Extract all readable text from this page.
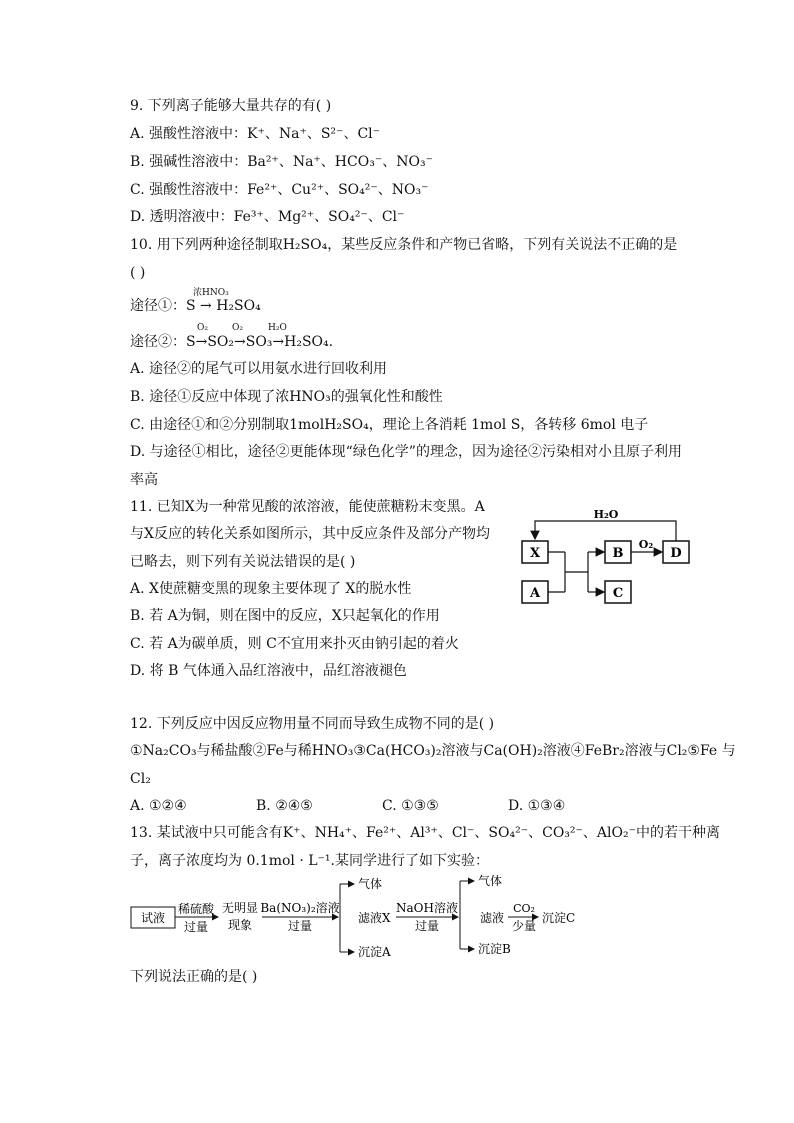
9. 下列离子能够大量共存的有( )
A. 强酸性溶液中：K⁺、Na⁺、S²⁻、Cl⁻
B. 强碱性溶液中：Ba²⁺、Na⁺、HCO₃⁻、NO₃⁻
C. 强酸性溶液中：Fe²⁺、Cu²⁺、SO₄²⁻、NO₃⁻
D. 透明溶液中：Fe³⁺、Mg²⁺、SO₄²⁻、Cl⁻
10. 用下列两种途径制取H₂SO₄，某些反应条件和产物已省略，下列有关说法不正确的是
( )
浓HNO₃
途径①：S → H₂SO₄
O₂	O₂	H₂O
途径②：S→SO₂→SO₃→H₂SO₄.
A. 途径②的尾气可以用氨水进行回收利用
B. 途径①反应中体现了浓HNO₃的强氧化性和酸性
C. 由途径①和②分别制取1molH₂SO₄，理论上各消耗 1mol S，各转移 6mol 电子
D. 与途径①相比，途径②更能体现“绿色化学”的理念，因为途径②污染相对小且原子利用
率高
11. 已知X为一种常见酸的浓溶液，能使蔗糖粉末变黑。A
与X反应的转化关系如图所示，其中反应条件及部分产物均
已略去，则下列有关说法错误的是( )
A. X使蔗糖变黑的现象主要体现了 X的脱水性
B. 若 A为铜，则在图中的反应，X只起氧化的作用
C. 若 A为碳单质，则 C不宜用来扑灭由钠引起的着火
D. 将 B 气体通入品红溶液中，品红溶液褪色
X
A
B
C
D
O₂
H₂O
12. 下列反应中因反应物用量不同而导致生成物不同的是( )
①Na₂CO₃与稀盐酸②Fe与稀HNO₃③Ca(HCO₃)₂溶液与Ca(OH)₂溶液④FeBr₂溶液与Cl₂⑤Fe 与
Cl₂
A. ①②④	B. ②④⑤	C. ①③⑤	D. ①③④
13. 某试液中只可能含有K⁺、NH₄⁺、Fe²⁺、Al³⁺、Cl⁻、SO₄²⁻、CO₃²⁻、AlO₂⁻中的若干种离
子，离子浓度均为 0.1mol · L⁻¹.某同学进行了如下实验：
试液
稀硫酸
过量
无明显
现象
Ba(NO₃)₂溶液
过量
气体
滤液X
沉淀A
NaOH溶液
过量
气体
滤液
沉淀B
CO₂
少量
沉淀C
下列说法正确的是( )
